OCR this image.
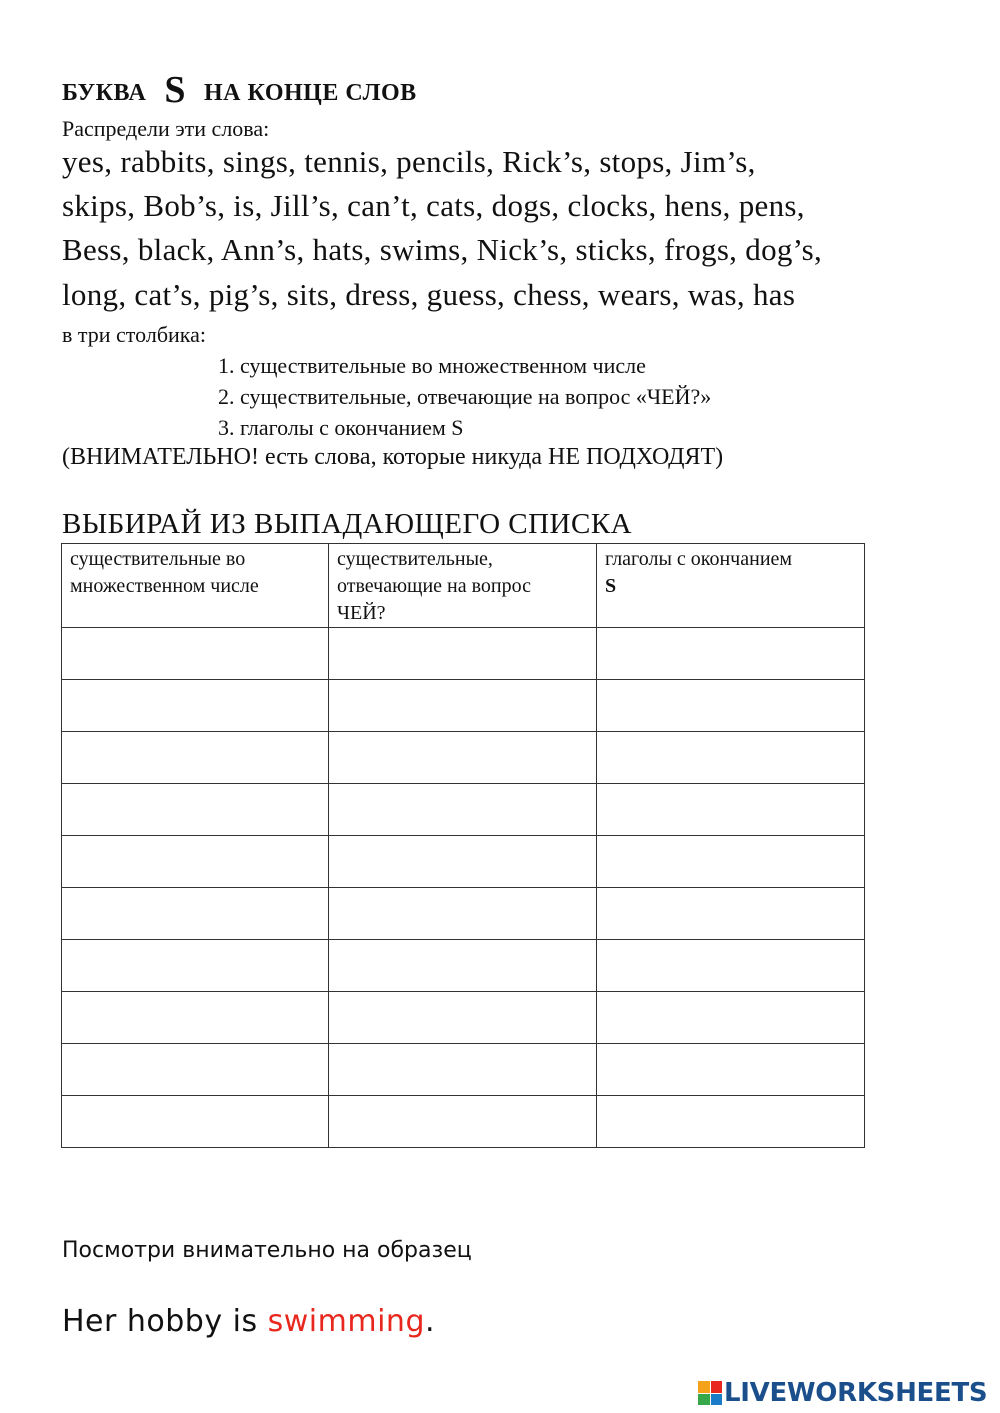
БУКВА S НА КОНЦЕ СЛОВ
Распредели эти слова:
yes, rabbits, sings, tennis, pencils, Rick’s, stops, Jim’s,
skips, Bob’s, is, Jill’s, can’t, cats, dogs, clocks, hens, pens,
Bess, black, Ann’s, hats, swims, Nick’s, sticks, frogs, dog’s,
long, cat’s, pig’s, sits, dress, guess, chess, wears, was, has
в три столбика:
1. существительные во множественном числе
2. существительные, отвечающие на вопрос «ЧЕЙ?»
3. глаголы с окончанием S
(ВНИМАТЕЛЬНО! есть слова, которые никуда НЕ ПОДХОДЯТ)
ВЫБИРАЙ ИЗ ВЫПАДАЮЩЕГО СПИСКА
существительные во
множественном числе	существительные,
отвечающие на вопрос
ЧЕЙ?	глаголы с окончанием
S

Посмотри внимательно на образец
Her hobby is swimming.
LIVEWORKSHEETS
